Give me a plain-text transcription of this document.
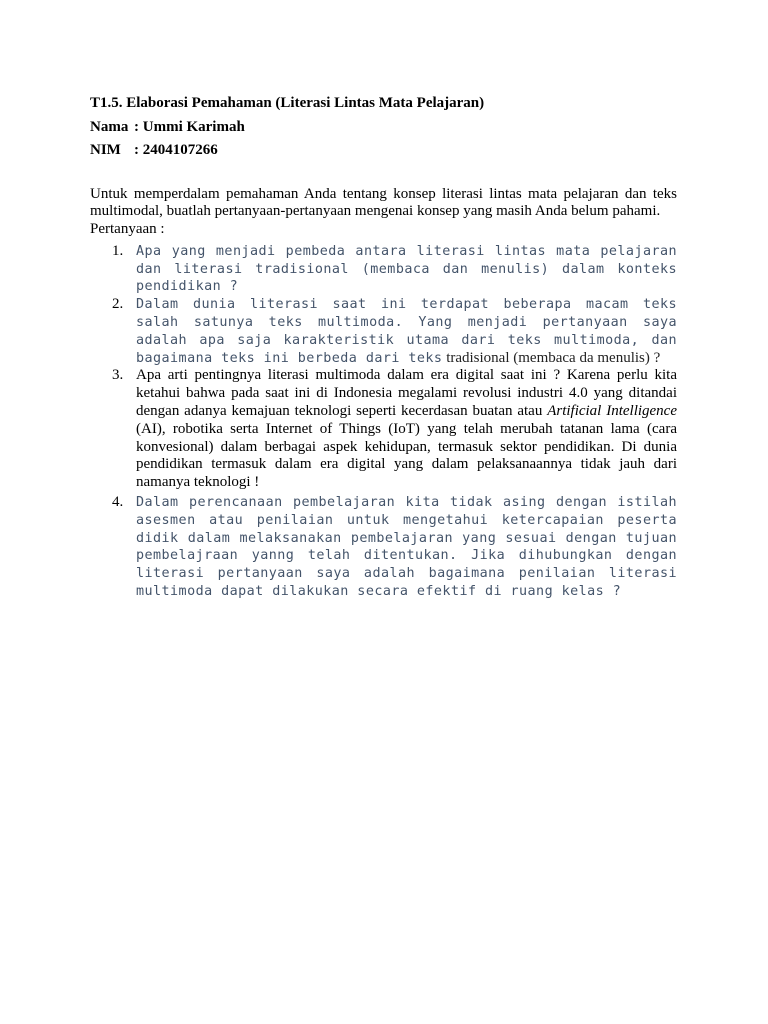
T1.5. Elaborasi Pemahaman (Literasi Lintas Mata Pelajaran)
Nama : Ummi Karimah
NIM : 2404107266
Untuk memperdalam pemahaman Anda tentang konsep literasi lintas mata pelajaran dan teks multimodal, buatlah pertanyaan-pertanyaan mengenai konsep yang masih Anda belum pahami.
Pertanyaan :
1. Apa yang menjadi pembeda antara literasi lintas mata pelajaran dan literasi tradisional (membaca dan menulis) dalam konteks pendidikan ?
2. Dalam dunia literasi saat ini terdapat beberapa macam teks salah satunya teks multimoda. Yang menjadi pertanyaan saya adalah apa saja karakteristik utama dari teks multimoda, dan bagaimana teks ini berbeda dari teks tradisional (membaca da menulis) ?
3. Apa arti pentingnya literasi multimoda dalam era digital saat ini ? Karena perlu kita ketahui bahwa pada saat ini di Indonesia megalami revolusi industri 4.0 yang ditandai dengan adanya kemajuan teknologi seperti kecerdasan buatan atau Artificial Intelligence (AI), robotika serta Internet of Things (IoT) yang telah merubah tatanan lama (cara konvesional) dalam berbagai aspek kehidupan, termasuk sektor pendidikan. Di dunia pendidikan termasuk dalam era digital yang dalam pelaksanaannya tidak jauh dari namanya teknologi !
4. Dalam perencanaan pembelajaran kita tidak asing dengan istilah asesmen atau penilaian untuk mengetahui ketercapaian peserta didik dalam melaksanakan pembelajaran yang sesuai dengan tujuan pembelajraan yanng telah ditentukan. Jika dihubungkan dengan literasi pertanyaan saya adalah bagaimana penilaian literasi multimoda dapat dilakukan secara efektif di ruang kelas ?
